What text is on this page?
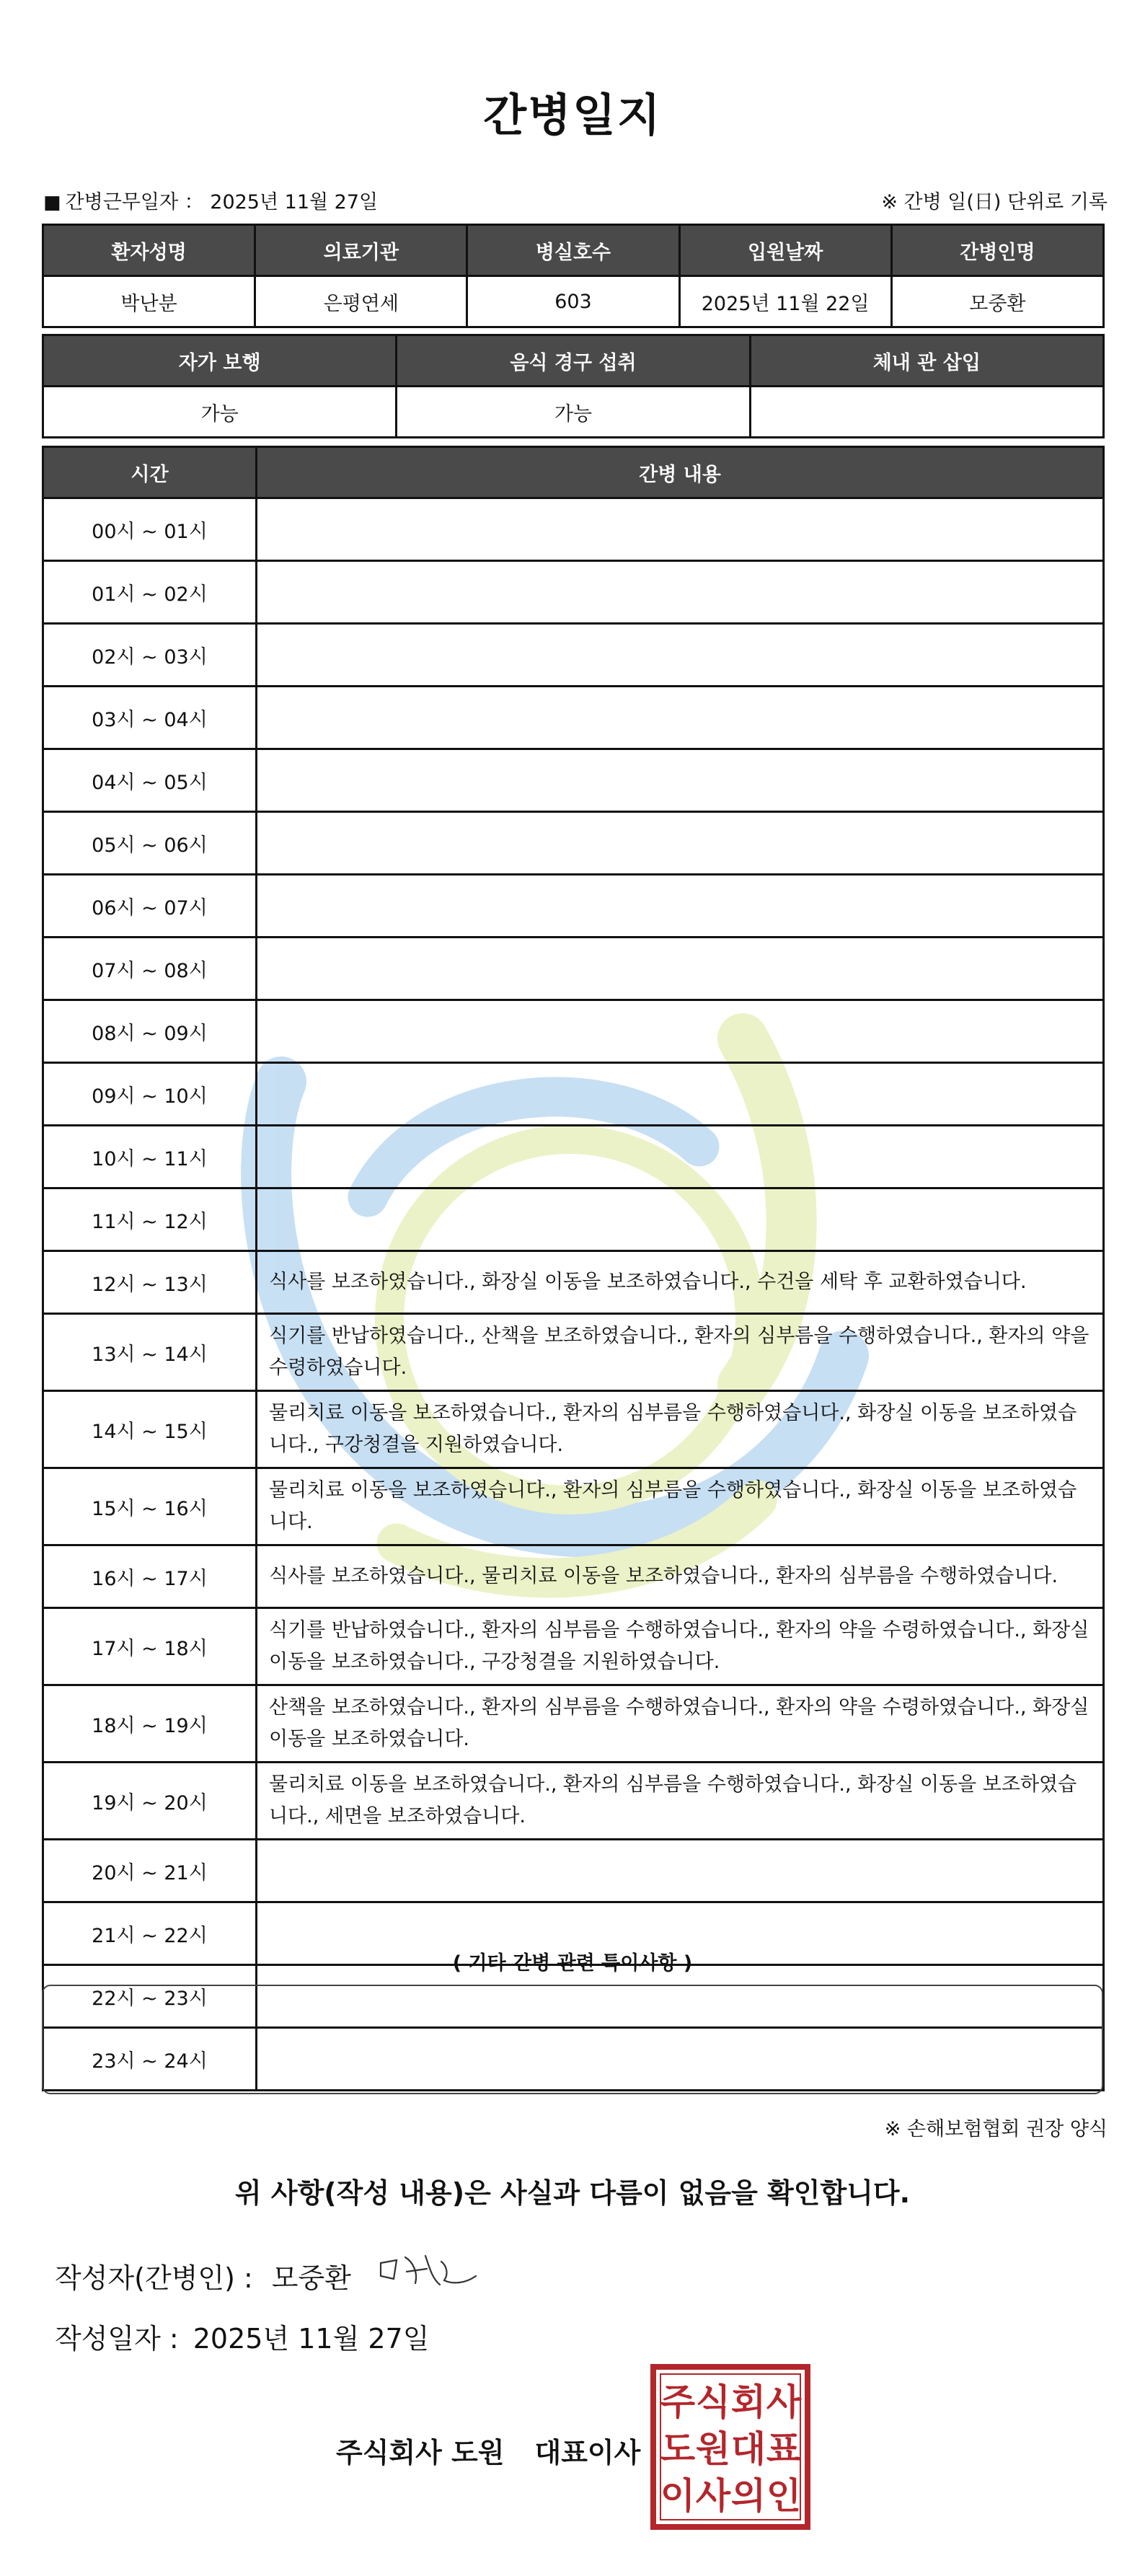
간병일지
■ 간병근무일자 ： 2025년 11월 27일	※ 간병 일(日) 단위로 기록
환자성명	의료기관	병실호수	입원날짜	간병인명
박난분	은평연세	603	2025년 11월 22일	모중환
자가 보행	음식 경구 섭취	체내 관 삽입
가능	가능	
시간	간병 내용
00시 ~ 01시	
01시 ~ 02시	
02시 ~ 03시	
03시 ~ 04시	
04시 ~ 05시	
05시 ~ 06시	
06시 ~ 07시	
07시 ~ 08시	
08시 ~ 09시	
09시 ~ 10시	
10시 ~ 11시	
11시 ~ 12시	
12시 ~ 13시	식사를 보조하였습니다., 화장실 이동을 보조하였습니다., 수건을 세탁 후 교환하였습니다.
13시 ~ 14시	식기를 반납하였습니다., 산책을 보조하였습니다., 환자의 심부름을 수행하였습니다., 환자의 약을 수령하였습니다.
14시 ~ 15시	물리치료 이동을 보조하였습니다., 환자의 심부름을 수행하였습니다., 화장실 이동을 보조하였습니다., 구강청결을 지원하였습니다.
15시 ~ 16시	물리치료 이동을 보조하였습니다., 환자의 심부름을 수행하였습니다., 화장실 이동을 보조하였습니다.
16시 ~ 17시	식사를 보조하였습니다., 물리치료 이동을 보조하였습니다., 환자의 심부름을 수행하였습니다.
17시 ~ 18시	식기를 반납하였습니다., 환자의 심부름을 수행하였습니다., 환자의 약을 수령하였습니다., 화장실 이동을 보조하였습니다., 구강청결을 지원하였습니다.
18시 ~ 19시	산책을 보조하였습니다., 환자의 심부름을 수행하였습니다., 환자의 약을 수령하였습니다., 화장실 이동을 보조하였습니다.
19시 ~ 20시	물리치료 이동을 보조하였습니다., 환자의 심부름을 수행하였습니다., 화장실 이동을 보조하였습니다., 세면을 보조하였습니다.
20시 ~ 21시	
21시 ~ 22시	
22시 ~ 23시	
23시 ~ 24시	
( 기타 간병 관련 특이사항 )
※ 손해보험협회 권장 양식
위 사항(작성 내용)은 사실과 다름이 없음을 확인합니다.
작성자(간병인) : 모중환
작성일자 : 2025년 11월 27일
주식회사 도원 대표이사
주 식 회 사
도 원 대 표
이 사 의 인
